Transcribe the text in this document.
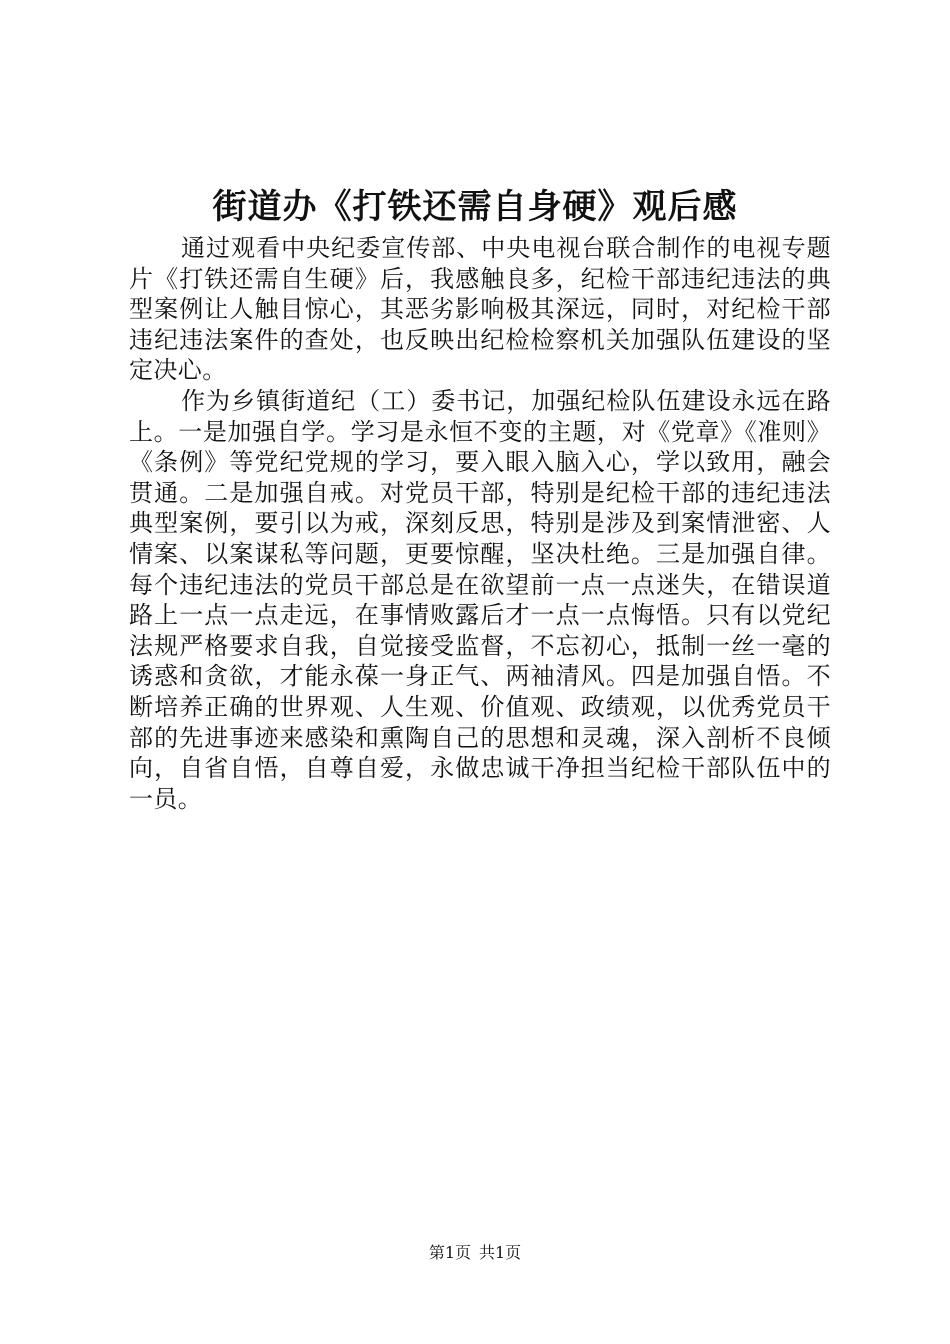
街道办《打铁还需自身硬》观后感

通过观看中央纪委宣传部、中央电视台联合制作的电视专题片《打铁还需自生硬》后，我感触良多，纪检干部违纪违法的典型案例让人触目惊心，其恶劣影响极其深远，同时，对纪检干部违纪违法案件的查处，也反映出纪检检察机关加强队伍建设的坚定决心。

作为乡镇街道纪（工）委书记，加强纪检队伍建设永远在路上。一是加强自学。学习是永恒不变的主题，对《党章》《准则》《条例》等党纪党规的学习，要入眼入脑入心，学以致用，融会贯通。二是加强自戒。对党员干部，特别是纪检干部的违纪违法典型案例，要引以为戒，深刻反思，特别是涉及到案情泄密、人情案、以案谋私等问题，更要惊醒，坚决杜绝。三是加强自律。每个违纪违法的党员干部总是在欲望前一点一点迷失，在错误道路上一点一点走远，在事情败露后才一点一点悔悟。只有以党纪法规严格要求自我，自觉接受监督，不忘初心，抵制一丝一毫的诱惑和贪欲，才能永葆一身正气、两袖清风。四是加强自悟。不断培养正确的世界观、人生观、价值观、政绩观，以优秀党员干部的先进事迹来感染和熏陶自己的思想和灵魂，深入剖析不良倾向，自省自悟，自尊自爱，永做忠诚干净担当纪检干部队伍中的一员。

第1页 共1页
